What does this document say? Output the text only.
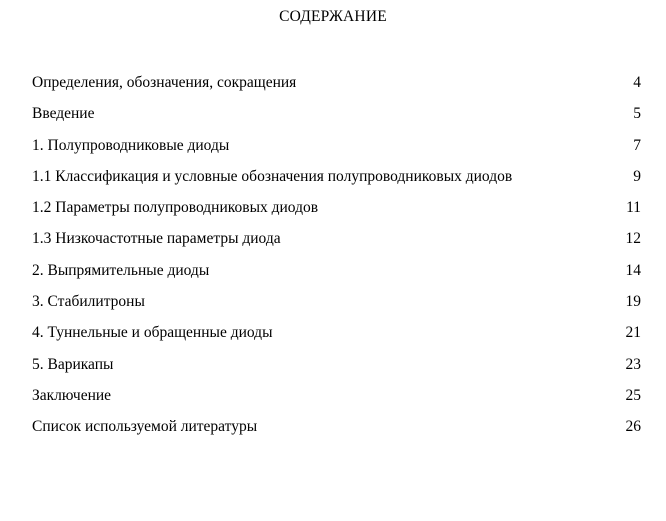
СОДЕРЖАНИЕ
Определения, обозначения, сокращения	4
Введение	5
1. Полупроводниковые диоды	7
1.1 Классификация и условные обозначения полупроводниковых диодов	9
1.2 Параметры полупроводниковых диодов	11
1.3 Низкочастотные параметры диода	12
2. Выпрямительные диоды	14
3. Стабилитроны	19
4. Туннельные и обращенные диоды	21
5. Варикапы	23
Заключение	25
Список используемой литературы	26
